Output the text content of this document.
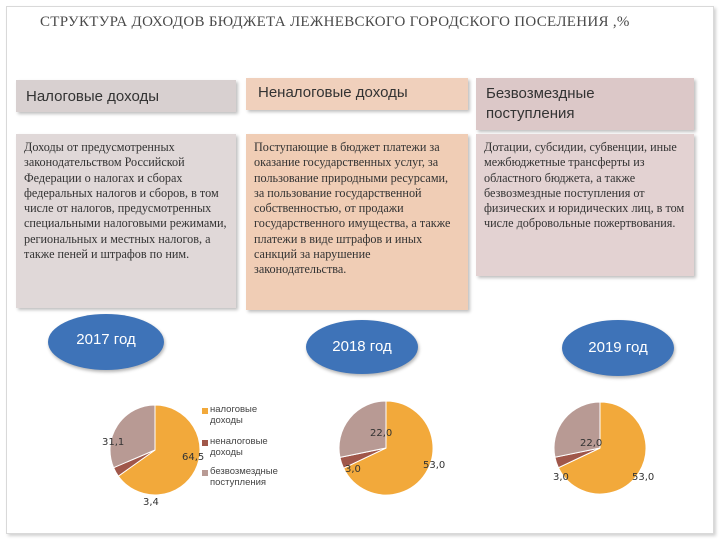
СТРУКТУРА ДОХОДОВ БЮДЖЕТА ЛЕЖНЕВСКОГО ГОРОДСКОГО ПОСЕЛЕНИЯ ,%
Налоговые доходы	Неналоговые доходы	Безвозмездные поступления
Доходы от предусмотренных законодательством Российской Федерации о налогах и сборах федеральных налогов и сборов, в том числе от налогов, предусмотренных специальными налоговыми режимами, региональных и местных налогов, а также пеней и штрафов по ним.
Поступающие в бюджет платежи за оказание государственных услуг, за пользование природными ресурсами, за пользование государственной собственностью, от продажи государственного имущества, а также платежи в виде штрафов и иных санкций за нарушение законодательства.
Дотации, субсидии, субвенции, иные межбюджетные трансферты из областного бюджета, а также безвозмездные поступления от физических и юридических лиц, в том числе добровольные пожертвования.
2017 год	2018 год	2019 год
налоговые доходы
неналоговые доходы
безвозмездные поступления
64,5
3,4
31,1
53,0
3,0
22,0
53,0
3,0
22,0
